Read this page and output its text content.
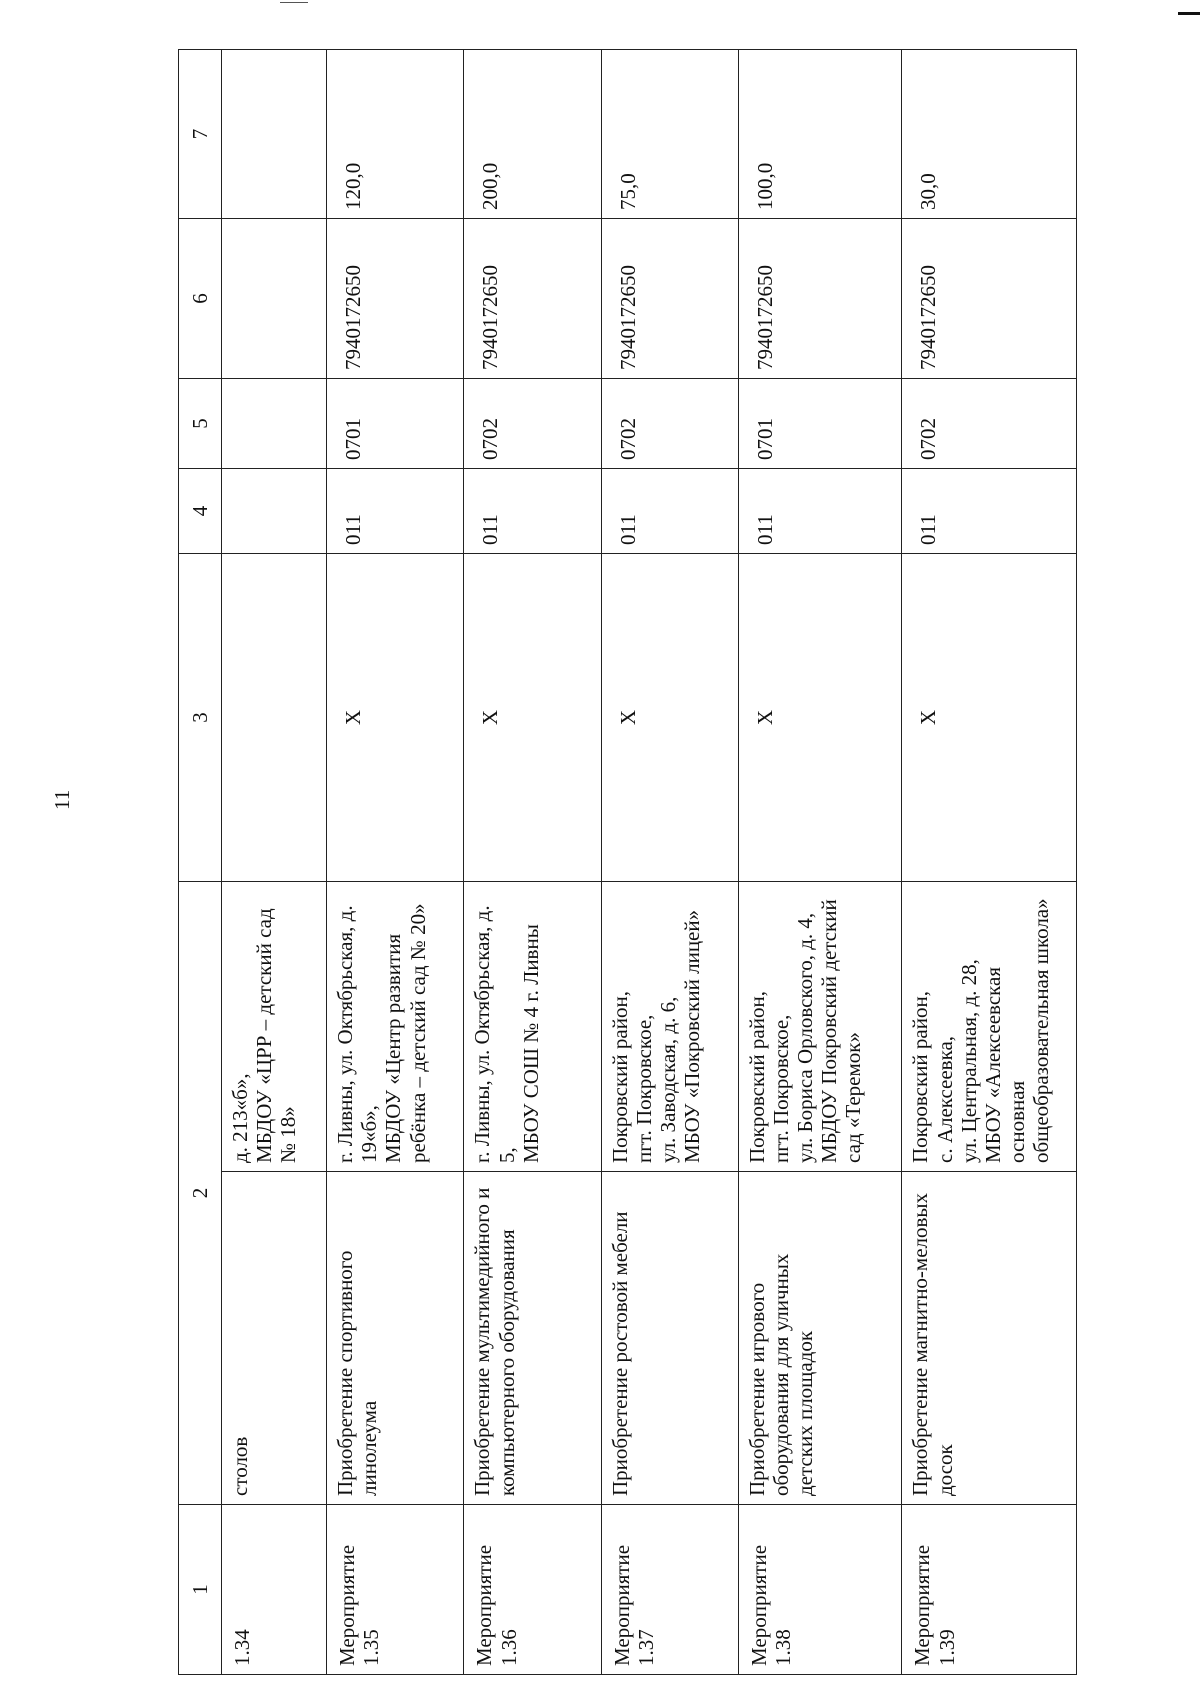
11
1	2		3	4	5	6	7
1.34	столов	д. 213«б»,
МБДОУ «ЦРР – детский сад № 18»					
Мероприятие 1.35	Приобретение спортивного линолеума	г. Ливны, ул. Октябрьская, д. 19«б»,
МБДОУ «Центр развития ребёнка – детский сад № 20»	Х	011	0701	7940172650	120,0
Мероприятие 1.36	Приобретение мультимедийного и компьютерного оборудования	г. Ливны, ул. Октябрьская, д. 5,
МБОУ СОШ № 4 г. Ливны	Х	011	0702	7940172650	200,0
Мероприятие 1.37	Приобретение ростовой мебели	Покровский район,
пгт. Покровское,
ул. Заводская, д. 6,
МБОУ «Покровский лицей»	Х	011	0702	7940172650	75,0
Мероприятие 1.38	Приобретение игрового оборудования для уличных детских площадок	Покровский район,
пгт. Покровское,
ул. Бориса Орловского, д. 4,
МБДОУ Покровский детский сад «Теремок»	Х	011	0701	7940172650	100,0
Мероприятие 1.39	Приобретение магнитно-меловых досок	Покровский район,
с. Алексеевка,
ул. Центральная, д. 28,
МБОУ «Алексеевская основная общеобразовательная школа»	Х	011	0702	7940172650	30,0
